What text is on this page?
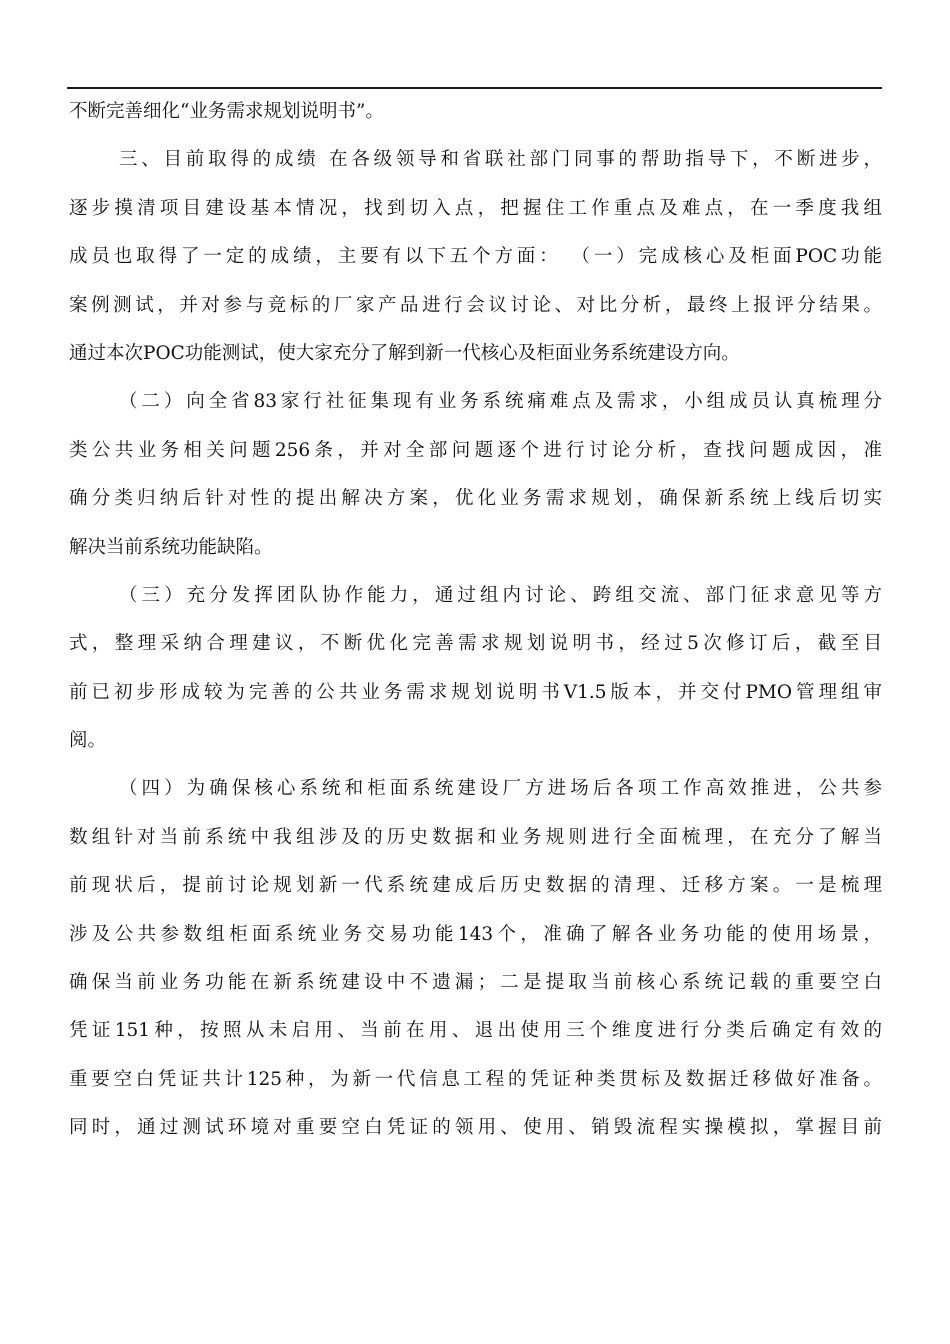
不断完善细化“业务需求规划说明书”。
三、目前取得的成绩 在各级领导和省联社部门同事的帮助指导下，不断进步，
逐步摸清项目建设基本情况，找到切入点，把握住工作重点及难点，在一季度我组
成员也取得了一定的成绩，主要有以下五个方面： （一）完成核心及柜面POC功能
案例测试，并对参与竞标的厂家产品进行会议讨论、对比分析，最终上报评分结果。
通过本次POC功能测试，使大家充分了解到新一代核心及柜面业务系统建设方向。
（二）向全省83家行社征集现有业务系统痛难点及需求，小组成员认真梳理分
类公共业务相关问题256条，并对全部问题逐个进行讨论分析，查找问题成因，准
确分类归纳后针对性的提出解决方案，优化业务需求规划，确保新系统上线后切实
解决当前系统功能缺陷。
（三）充分发挥团队协作能力，通过组内讨论、跨组交流、部门征求意见等方
式，整理采纳合理建议，不断优化完善需求规划说明书，经过5次修订后，截至目
前已初步形成较为完善的公共业务需求规划说明书V1.5版本，并交付PMO管理组审
阅。
（四）为确保核心系统和柜面系统建设厂方进场后各项工作高效推进，公共参
数组针对当前系统中我组涉及的历史数据和业务规则进行全面梳理，在充分了解当
前现状后，提前讨论规划新一代系统建成后历史数据的清理、迁移方案。一是梳理
涉及公共参数组柜面系统业务交易功能143个，准确了解各业务功能的使用场景，
确保当前业务功能在新系统建设中不遗漏；二是提取当前核心系统记载的重要空白
凭证151种，按照从未启用、当前在用、退出使用三个维度进行分类后确定有效的
重要空白凭证共计125种，为新一代信息工程的凭证种类贯标及数据迁移做好准备。
同时，通过测试环境对重要空白凭证的领用、使用、销毁流程实操模拟，掌握目前
